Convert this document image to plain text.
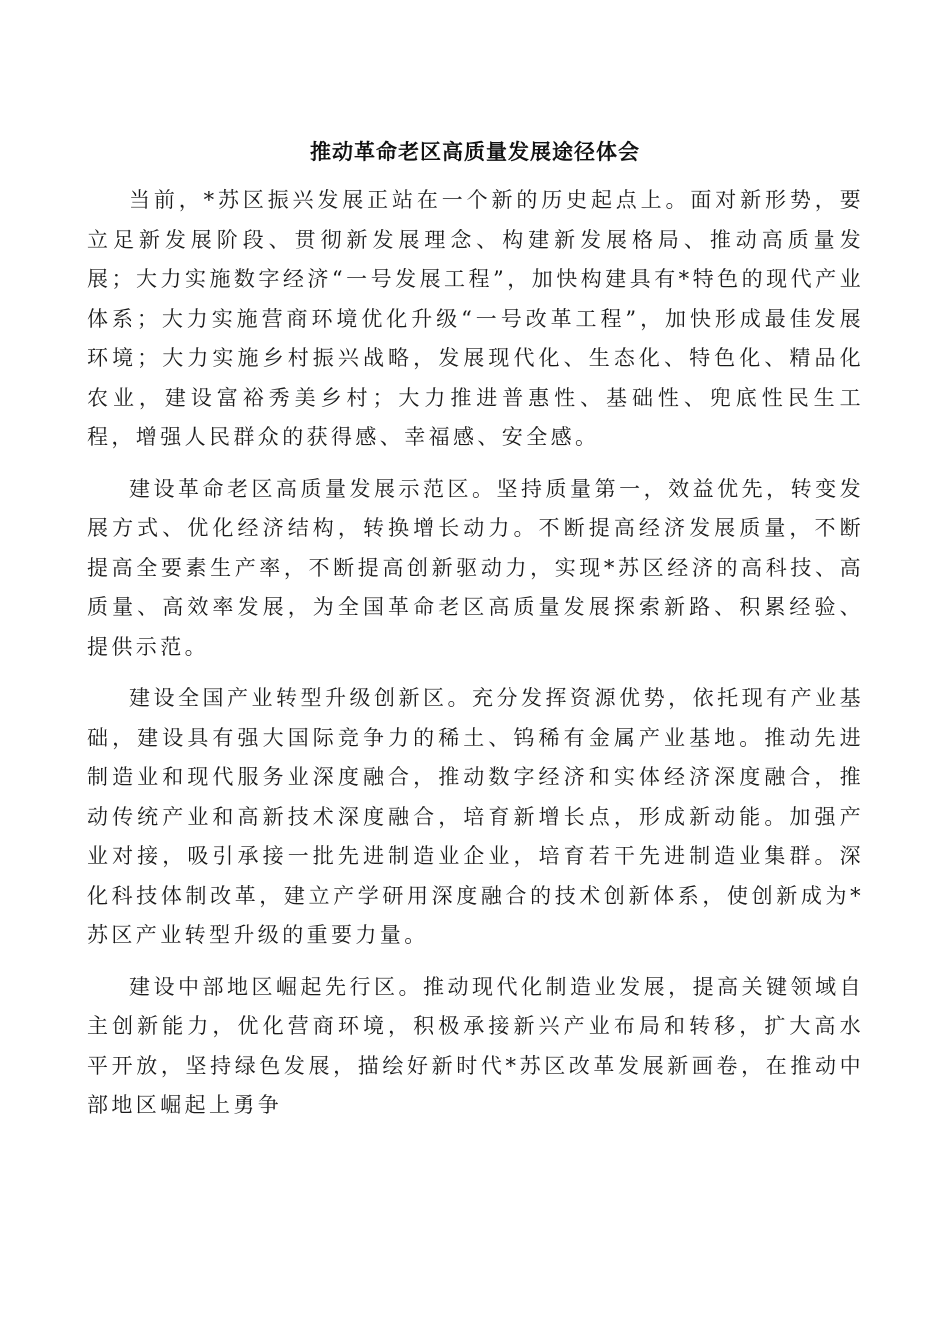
推动革命老区高质量发展途径体会

当前，*苏区振兴发展正站在一个新的历史起点上。面对新形势，要立足新发展阶段、贯彻新发展理念、构建新发展格局、推动高质量发展；大力实施数字经济“一号发展工程”，加快构建具有*特色的现代产业体系；大力实施营商环境优化升级“一号改革工程”，加快形成最佳发展环境；大力实施乡村振兴战略，发展现代化、生态化、特色化、精品化农业，建设富裕秀美乡村；大力推进普惠性、基础性、兜底性民生工程，增强人民群众的获得感、幸福感、安全感。

建设革命老区高质量发展示范区。坚持质量第一，效益优先，转变发展方式、优化经济结构，转换增长动力。不断提高经济发展质量，不断提高全要素生产率，不断提高创新驱动力，实现*苏区经济的高科技、高质量、高效率发展，为全国革命老区高质量发展探索新路、积累经验、提供示范。

建设全国产业转型升级创新区。充分发挥资源优势，依托现有产业基础，建设具有强大国际竞争力的稀土、钨稀有金属产业基地。推动先进制造业和现代服务业深度融合，推动数字经济和实体经济深度融合，推动传统产业和高新技术深度融合，培育新增长点，形成新动能。加强产业对接，吸引承接一批先进制造业企业，培育若干先进制造业集群。深化科技体制改革，建立产学研用深度融合的技术创新体系，使创新成为*苏区产业转型升级的重要力量。

建设中部地区崛起先行区。推动现代化制造业发展，提高关键领域自主创新能力，优化营商环境，积极承接新兴产业布局和转移，扩大高水平开放，坚持绿色发展，描绘好新时代*苏区改革发展新画卷，在推动中部地区崛起上勇争
